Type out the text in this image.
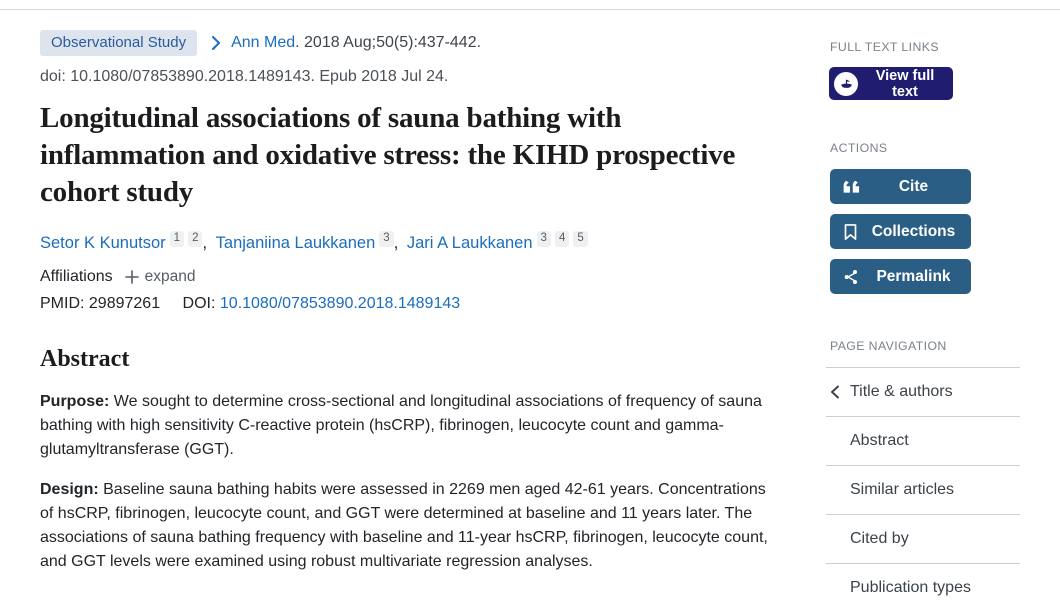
Observational Study	Ann Med. 2018 Aug;50(5):437-442.
doi: 10.1080/07853890.2018.1489143. Epub 2018 Jul 24.
Longitudinal associations of sauna bathing with inflammation and oxidative stress: the KIHD prospective cohort study
Setor K Kunutsor 1 2 , Tanjaniina Laukkanen 3 , Jari A Laukkanen 3 4 5
Affiliations expand
PMID: 29897261 DOI: 10.1080/07853890.2018.1489143
Abstract

Purpose: We sought to determine cross-sectional and longitudinal associations of frequency of sauna bathing with high sensitivity C-reactive protein (hsCRP), fibrinogen, leucocyte count and gamma-glutamyltransferase (GGT).

Design: Baseline sauna bathing habits were assessed in 2269 men aged 42-61 years. Concentrations of hsCRP, fibrinogen, leucocyte count, and GGT were determined at baseline and 11 years later. The associations of sauna bathing frequency with baseline and 11-year hsCRP, fibrinogen, leucocyte count, and GGT levels were examined using robust multivariate regression analyses.

FULL TEXT LINKS
View full text
ACTIONS
Cite
Collections
Permalink
PAGE NAVIGATION
Title & authors
Abstract
Similar articles
Cited by
Publication types
